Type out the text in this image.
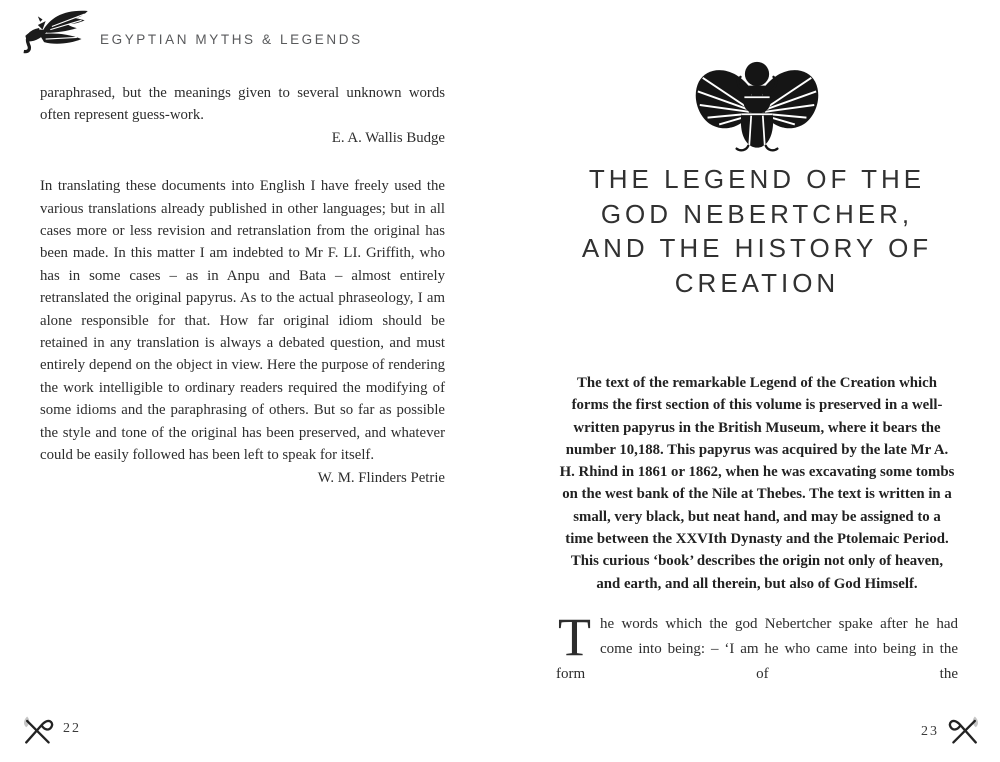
EGYPTIAN MYTHS & LEGENDS

paraphrased, but the meanings given to several unknown words often represent guess-work.

E. A. Wallis Budge

In translating these documents into English I have freely used the various translations already published in other languages; but in all cases more or less revision and retranslation from the original has been made. In this matter I am indebted to Mr F. LI. Griffith, who has in some cases – as in Anpu and Bata – almost entirely retranslated the original papyrus. As to the actual phraseology, I am alone responsible for that. How far original idiom should be retained in any translation is always a debated question, and must entirely depend on the object in view. Here the purpose of rendering the work intelligible to ordinary readers required the modifying of some idioms and the paraphrasing of others. But so far as possible the style and tone of the original has been preserved, and whatever could be easily followed has been left to speak for itself.

W. M. Flinders Petrie

THE LEGEND OF THE
GOD NEBERTCHER,
AND THE HISTORY OF
CREATION

The text of the remarkable Legend of the Creation which forms the first section of this volume is preserved in a well-written papyrus in the British Museum, where it bears the number 10,188. This papyrus was acquired by the late Mr A. H. Rhind in 1861 or 1862, when he was excavating some tombs on the west bank of the Nile at Thebes. The text is written in a small, very black, but neat hand, and may be assigned to a time between the XXVIth Dynasty and the Ptolemaic Period. This curious ‘book’ describes the origin not only of heaven, and earth, and all therein, but also of God Himself.

The words which the god Nebertcher spake after he had come into being: – ‘I am he who came into being in the form of the

22	23
